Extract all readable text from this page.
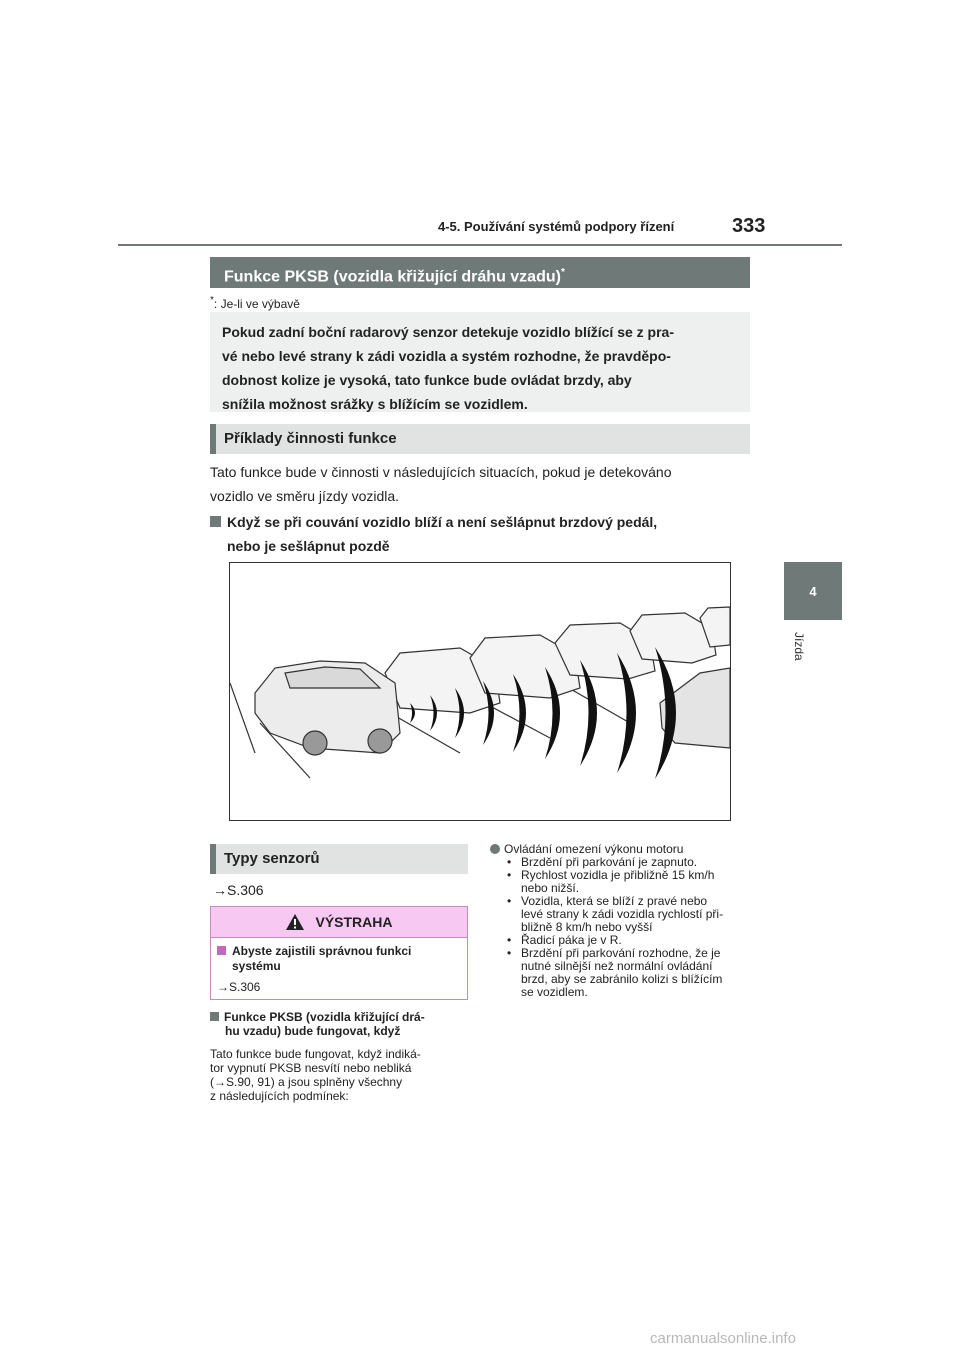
4-5. Používání systémů podpory řízení	333
4
Jízda
Funkce PKSB (vozidla křižující dráhu vzadu)*
*: Je-li ve výbavě
Pokud zadní boční radarový senzor detekuje vozidlo blížící se z pra-
vé nebo levé strany k zádi vozidla a systém rozhodne, že pravděpo-
dobnost kolize je vysoká, tato funkce bude ovládat brzdy, aby
snížila možnost srážky s blížícím se vozidlem.
Příklady činnosti funkce
Tato funkce bude v činnosti v následujících situacích, pokud je detekováno
vozidlo ve směru jízdy vozidla.
Když se při couvání vozidlo blíží a není sešlápnut brzdový pedál,
nebo je sešlápnut pozdě
Typy senzorů
→S.306
VÝSTRAHA
Abyste zajistili správnou funkci systému
→S.306
Funkce PKSB (vozidla křižující drá-
hu vzadu) bude fungovat, když
Tato funkce bude fungovat, když indiká-
tor vypnutí PKSB nesvítí nebo nebliká
(→S.90, 91) a jsou splněny všechny
z následujících podmínek:
Ovládání omezení výkonu motoru
• Brzdění při parkování je zapnuto.
• Rychlost vozidla je přibližně 15 km/h
nebo nižší.
• Vozidla, která se blíží z pravé nebo
levé strany k zádi vozidla rychlostí při-
bližně 8 km/h nebo vyšší
• Řadicí páka je v R.
• Brzdění při parkování rozhodne, že je
nutné silnější než normální ovládání
brzd, aby se zabránilo kolizi s blížícím
se vozidlem.
carmanualsonline.info
